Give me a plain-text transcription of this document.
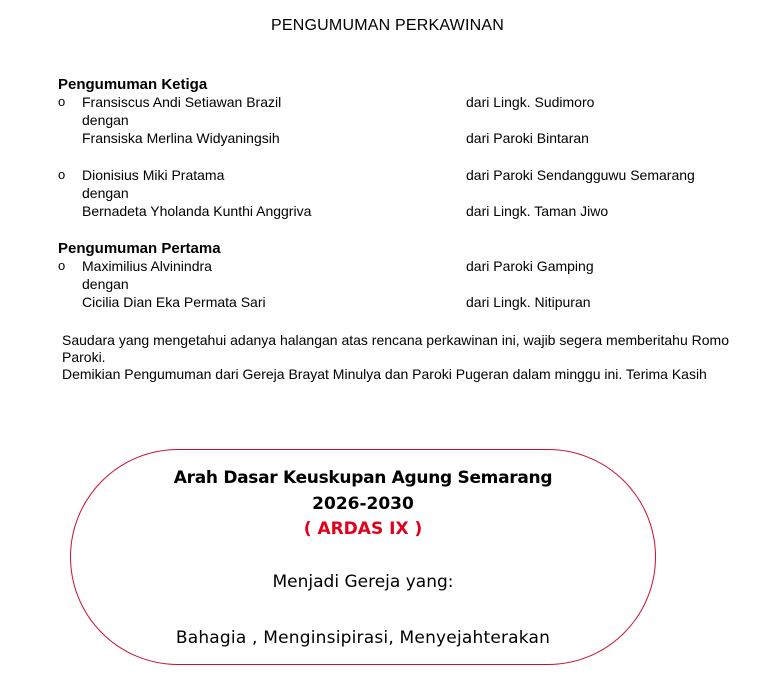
PENGUMUMAN PERKAWINAN
Pengumuman Ketiga
o Fransiscus Andi Setiawan Brazil	dari Lingk. Sudimoro
dengan
Fransiska Merlina Widyaningsih	dari Paroki Bintaran
o Dionisius Miki Pratama	dari Paroki Sendangguwu Semarang
dengan
Bernadeta Yholanda Kunthi Anggriva	dari Lingk. Taman Jiwo
Pengumuman Pertama
o Maximilius Alvinindra	dari Paroki Gamping
dengan
Cicilia Dian Eka Permata Sari	dari Lingk. Nitipuran

Saudara yang mengetahui adanya halangan atas rencana perkawinan ini, wajib segera memberitahu Romo Paroki.

Demikian Pengumuman dari Gereja Brayat Minulya dan Paroki Pugeran dalam minggu ini. Terima Kasih

Arah Dasar Keuskupan Agung Semarang
2026-2030
( ARDAS IX )
Menjadi Gereja yang:
Bahagia , Menginsipirasi, Menyejahterakan
